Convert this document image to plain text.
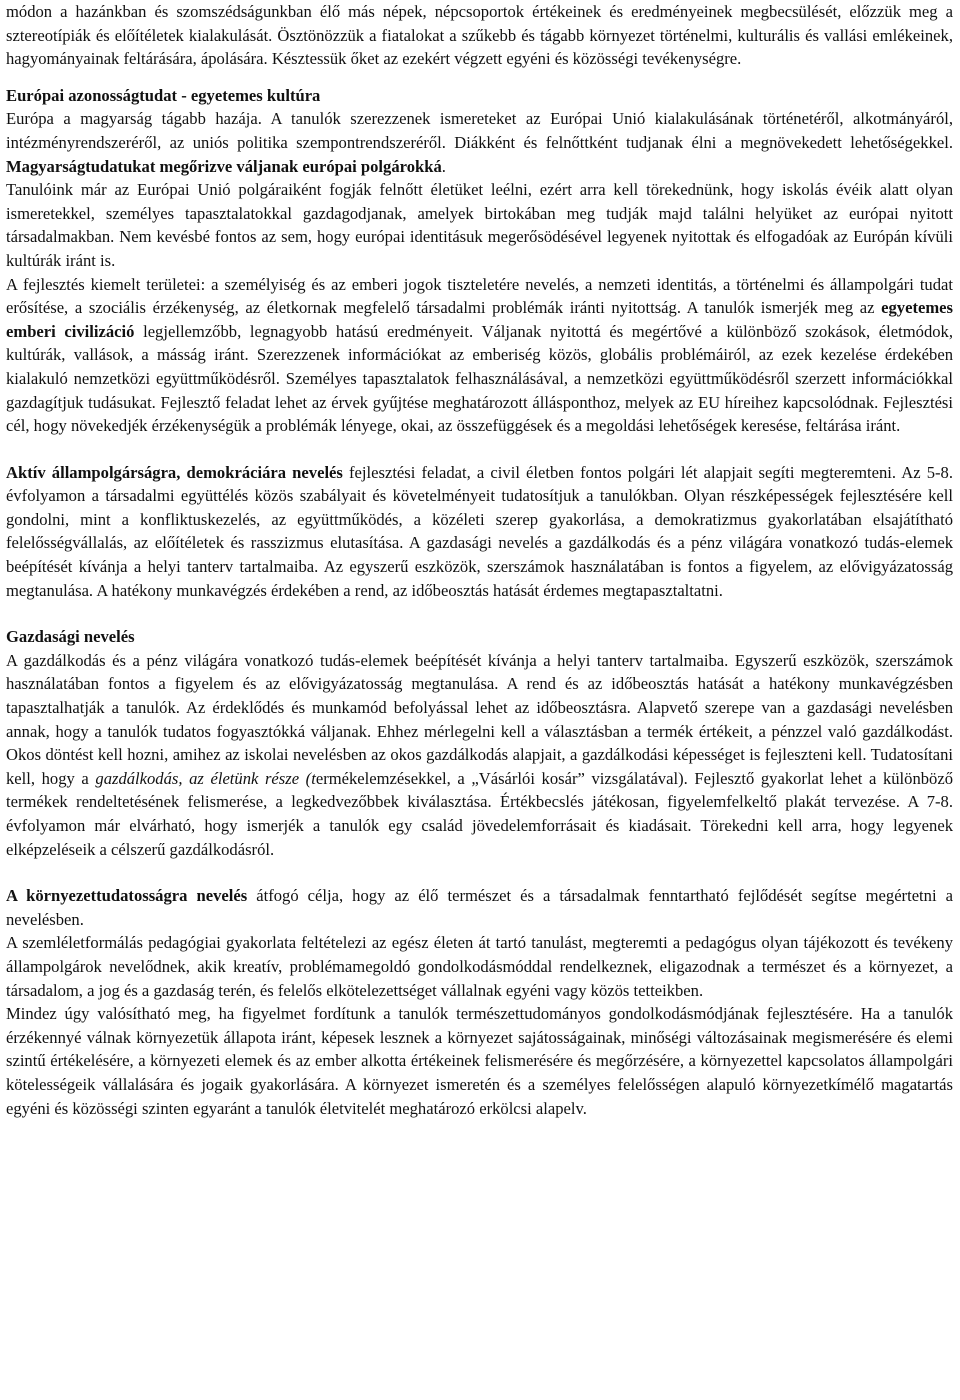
módon a hazánkban és szomszédságunkban élő más népek, népcsoportok értékeinek és eredményeinek megbecsülését, előzzük meg a sztereotípiák és előítéletek kialakulását. Ösztönözzük a fiatalokat a szűkebb és tágabb környezet történelmi, kulturális és vallási emlékeinek, hagyományainak feltárására, ápolására. Késztessük őket az ezekért végzett egyéni és közösségi tevékenységre.

Európai azonosságtudat - egyetemes kultúra

Európa a magyarság tágabb hazája. A tanulók szerezzenek ismereteket az Európai Unió kialakulásának történetéről, alkotmányáról, intézményrendszeréről, az uniós politika szempontrendszeréről. Diákként és felnőttként tudjanak élni a megnövekedett lehetőségekkel. Magyarságtudatukat megőrizve váljanak európai polgárokká.

Tanulóink már az Európai Unió polgáraiként fogják felnőtt életüket leélni, ezért arra kell törekednünk, hogy iskolás évéik alatt olyan ismeretekkel, személyes tapasztalatokkal gazdagodjanak, amelyek birtokában meg tudják majd találni helyüket az európai nyitott társadalmakban. Nem kevésbé fontos az sem, hogy európai identitásuk megerősödésével legyenek nyitottak és elfogadóak az Európán kívüli kultúrák iránt is.

A fejlesztés kiemelt területei: a személyiség és az emberi jogok tiszteletére nevelés, a nemzeti identitás, a történelmi és állampolgári tudat erősítése, a szociális érzékenység, az életkornak megfelelő társadalmi problémák iránti nyitottság. A tanulók ismerjék meg az egyetemes emberi civilizáció legjellemzőbb, legnagyobb hatású eredményeit. Váljanak nyitottá és megértővé a különböző szokások, életmódok, kultúrák, vallások, a másság iránt. Szerezzenek információkat az emberiség közös, globális problémáiról, az ezek kezelése érdekében kialakuló nemzetközi együttműködésről. Személyes tapasztalatok felhasználásával, a nemzetközi együttműködésről szerzett információkkal gazdagítjuk tudásukat. Fejlesztő feladat lehet az érvek gyűjtése meghatározott állásponthoz, melyek az EU híreihez kapcsolódnak. Fejlesztési cél, hogy növekedjék érzékenységük a problémák lényege, okai, az összefüggések és a megoldási lehetőségek keresése, feltárása iránt.

Aktív állampolgárságra, demokráciára nevelés fejlesztési feladat, a civil életben fontos polgári lét alapjait segíti megteremteni. Az 5-8. évfolyamon a társadalmi együttélés közös szabályait és követelményeit tudatosítjuk a tanulókban. Olyan részképességek fejlesztésére kell gondolni, mint a konfliktuskezelés, az együttműködés, a közéleti szerep gyakorlása, a demokratizmus gyakorlatában elsajátítható felelősségvállalás, az előítéletek és rasszizmus elutasítása. A gazdasági nevelés a gazdálkodás és a pénz világára vonatkozó tudás-elemek beépítését kívánja a helyi tanterv tartalmaiba. Az egyszerű eszközök, szerszámok használatában is fontos a figyelem, az elővigyázatosság megtanulása. A hatékony munkavégzés érdekében a rend, az időbeosztás hatását érdemes megtapasztaltatni.

Gazdasági nevelés

A gazdálkodás és a pénz világára vonatkozó tudás-elemek beépítését kívánja a helyi tanterv tartalmaiba. Egyszerű eszközök, szerszámok használatában fontos a figyelem és az elővigyázatosság megtanulása. A rend és az időbeosztás hatását a hatékony munkavégzésben tapasztalhatják a tanulók. Az érdeklődés és munkamód befolyással lehet az időbeosztásra. Alapvető szerepe van a gazdasági nevelésben annak, hogy a tanulók tudatos fogyasztókká váljanak. Ehhez mérlegelni kell a választásban a termék értékeit, a pénzzel való gazdálkodást. Okos döntést kell hozni, amihez az iskolai nevelésben az okos gazdálkodás alapjait, a gazdálkodási képességet is fejleszteni kell. Tudatosítani kell, hogy a gazdálkodás, az életünk része (termékelemzésekkel, a „Vásárlói kosár” vizsgálatával). Fejlesztő gyakorlat lehet a különböző termékek rendeltetésének felismerése, a legkedvezőbbek kiválasztása. Értékbecslés játékosan, figyelemfelkeltő plakát tervezése. A 7-8. évfolyamon már elvárható, hogy ismerjék a tanulók egy család jövedelemforrásait és kiadásait. Törekedni kell arra, hogy legyenek elképzeléseik a célszerű gazdálkodásról.

A környezettudatosságra nevelés átfogó célja, hogy az élő természet és a társadalmak fenntartható fejlődését segítse megértetni a nevelésben.

A szemléletformálás pedagógiai gyakorlata feltételezi az egész életen át tartó tanulást, megteremti a pedagógus olyan tájékozott és tevékeny állampolgárok nevelődnek, akik kreatív, problémamegoldó gondolkodásmóddal rendelkeznek, eligazodnak a természet és a környezet, a társadalom, a jog és a gazdaság terén, és felelős elkötelezettséget vállalnak egyéni vagy közös tetteikben.

Mindez úgy valósítható meg, ha figyelmet fordítunk a tanulók természettudományos gondolkodásmódjának fejlesztésére. Ha a tanulók érzékennyé válnak környezetük állapota iránt, képesek lesznek a környezet sajátosságainak, minőségi változásainak megismerésére és elemi szintű értékelésére, a környezeti elemek és az ember alkotta értékeinek felismerésére és megőrzésére, a környezettel kapcsolatos állampolgári kötelességeik vállalására és jogaik gyakorlására. A környezet ismeretén és a személyes felelősségen alapuló környezetkímélő magatartás egyéni és közösségi szinten egyaránt a tanulók életvitelét meghatározó erkölcsi alapelv.
